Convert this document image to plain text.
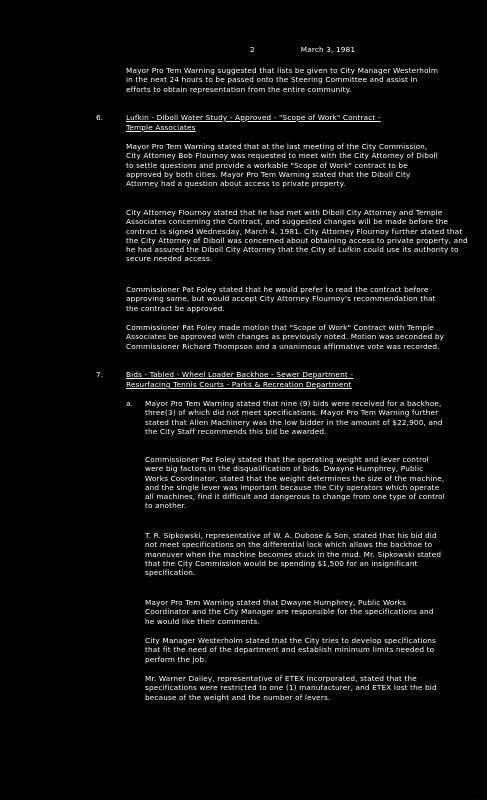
2	March 3, 1981

Mayor Pro Tem Warning suggested that lists be given to City Manager Westerholm in the next 24 hours to be passed onto the Steering Committee and assist in efforts to obtain representation from the entire community.

6.	Lufkin - Diboll Water Study - Approved - "Scope of Work" Contract -
Temple Associates

Mayor Pro Tem Warning stated that at the last meeting of the City Commission, City Attorney Bob Flournoy was requested to meet with the City Attorney of Diboll to settle questions and provide a workable "Scope of Work" contract to be approved by both cities. Mayor Pro Tem Warning stated that the Diboll City Attorney had a question about access to private property.

City Attorney Flournoy stated that he had met with Diboll City Attorney and Temple Associates concerning the Contract, and suggested changes will be made before the contract is signed Wednesday, March 4, 1981. City Attorney Flournoy further stated that the City Attorney of Diboll was concerned about obtaining access to private property, and he had assured the Diboll City Attorney that the City of Lufkin could use its authority to secure needed access.

Commissioner Pat Foley stated that he would prefer to read the contract before approving same, but would accept City Attorney Flournoy's recommendation that the contract be approved.

Commissioner Pat Foley made motion that "Scope of Work" Contract with Temple Associates be approved with changes as previously noted. Motion was seconded by Commissioner Richard Thompson and a unanimous affirmative vote was recorded.

7.	Bids - Tabled - Wheel Loader Backhoe - Sewer Department -
Resurfacing Tennis Courts - Parks & Recreation Department
a. Mayor Pro Tem Warning stated that nine (9) bids were received for a backhoe, three(3) of which did not meet specifications. Mayor Pro Tem Warning further stated that Allen Machinery was the low bidder in the amount of $22,900, and the City Staff recommends this bid be awarded.

Commissioner Pat Foley stated that the operating weight and lever control were big factors in the disqualification of bids. Dwayne Humphrey, Public Works Coordinator, stated that the weight determines the size of the machine, and the single lever was important because the City operators which operate all machines, find it difficult and dangerous to change from one type of control to another.

T. R. Sipkowski, representative of W. A. Dubose & Son, stated that his bid did not meet specifications on the differential lock which allows the backhoe to maneuver when the machine becomes stuck in the mud. Mr. Sipkowski stated that the City Commission would be spending $1,500 for an insignificant specification.

Mayor Pro Tem Warning stated that Dwayne Humphrey, Public Works Coordinator and the City Manager are responsible for the specifications and he would like their comments.

City Manager Westerholm stated that the City tries to develop specifications that fit the need of the department and establish minimum limits needed to perform the job.

Mr. Warner Dailey, representative of ETEX Incorporated, stated that the specifications were restricted to one (1) manufacturer, and ETEX lost the bid because of the weight and the number of levers.

····
